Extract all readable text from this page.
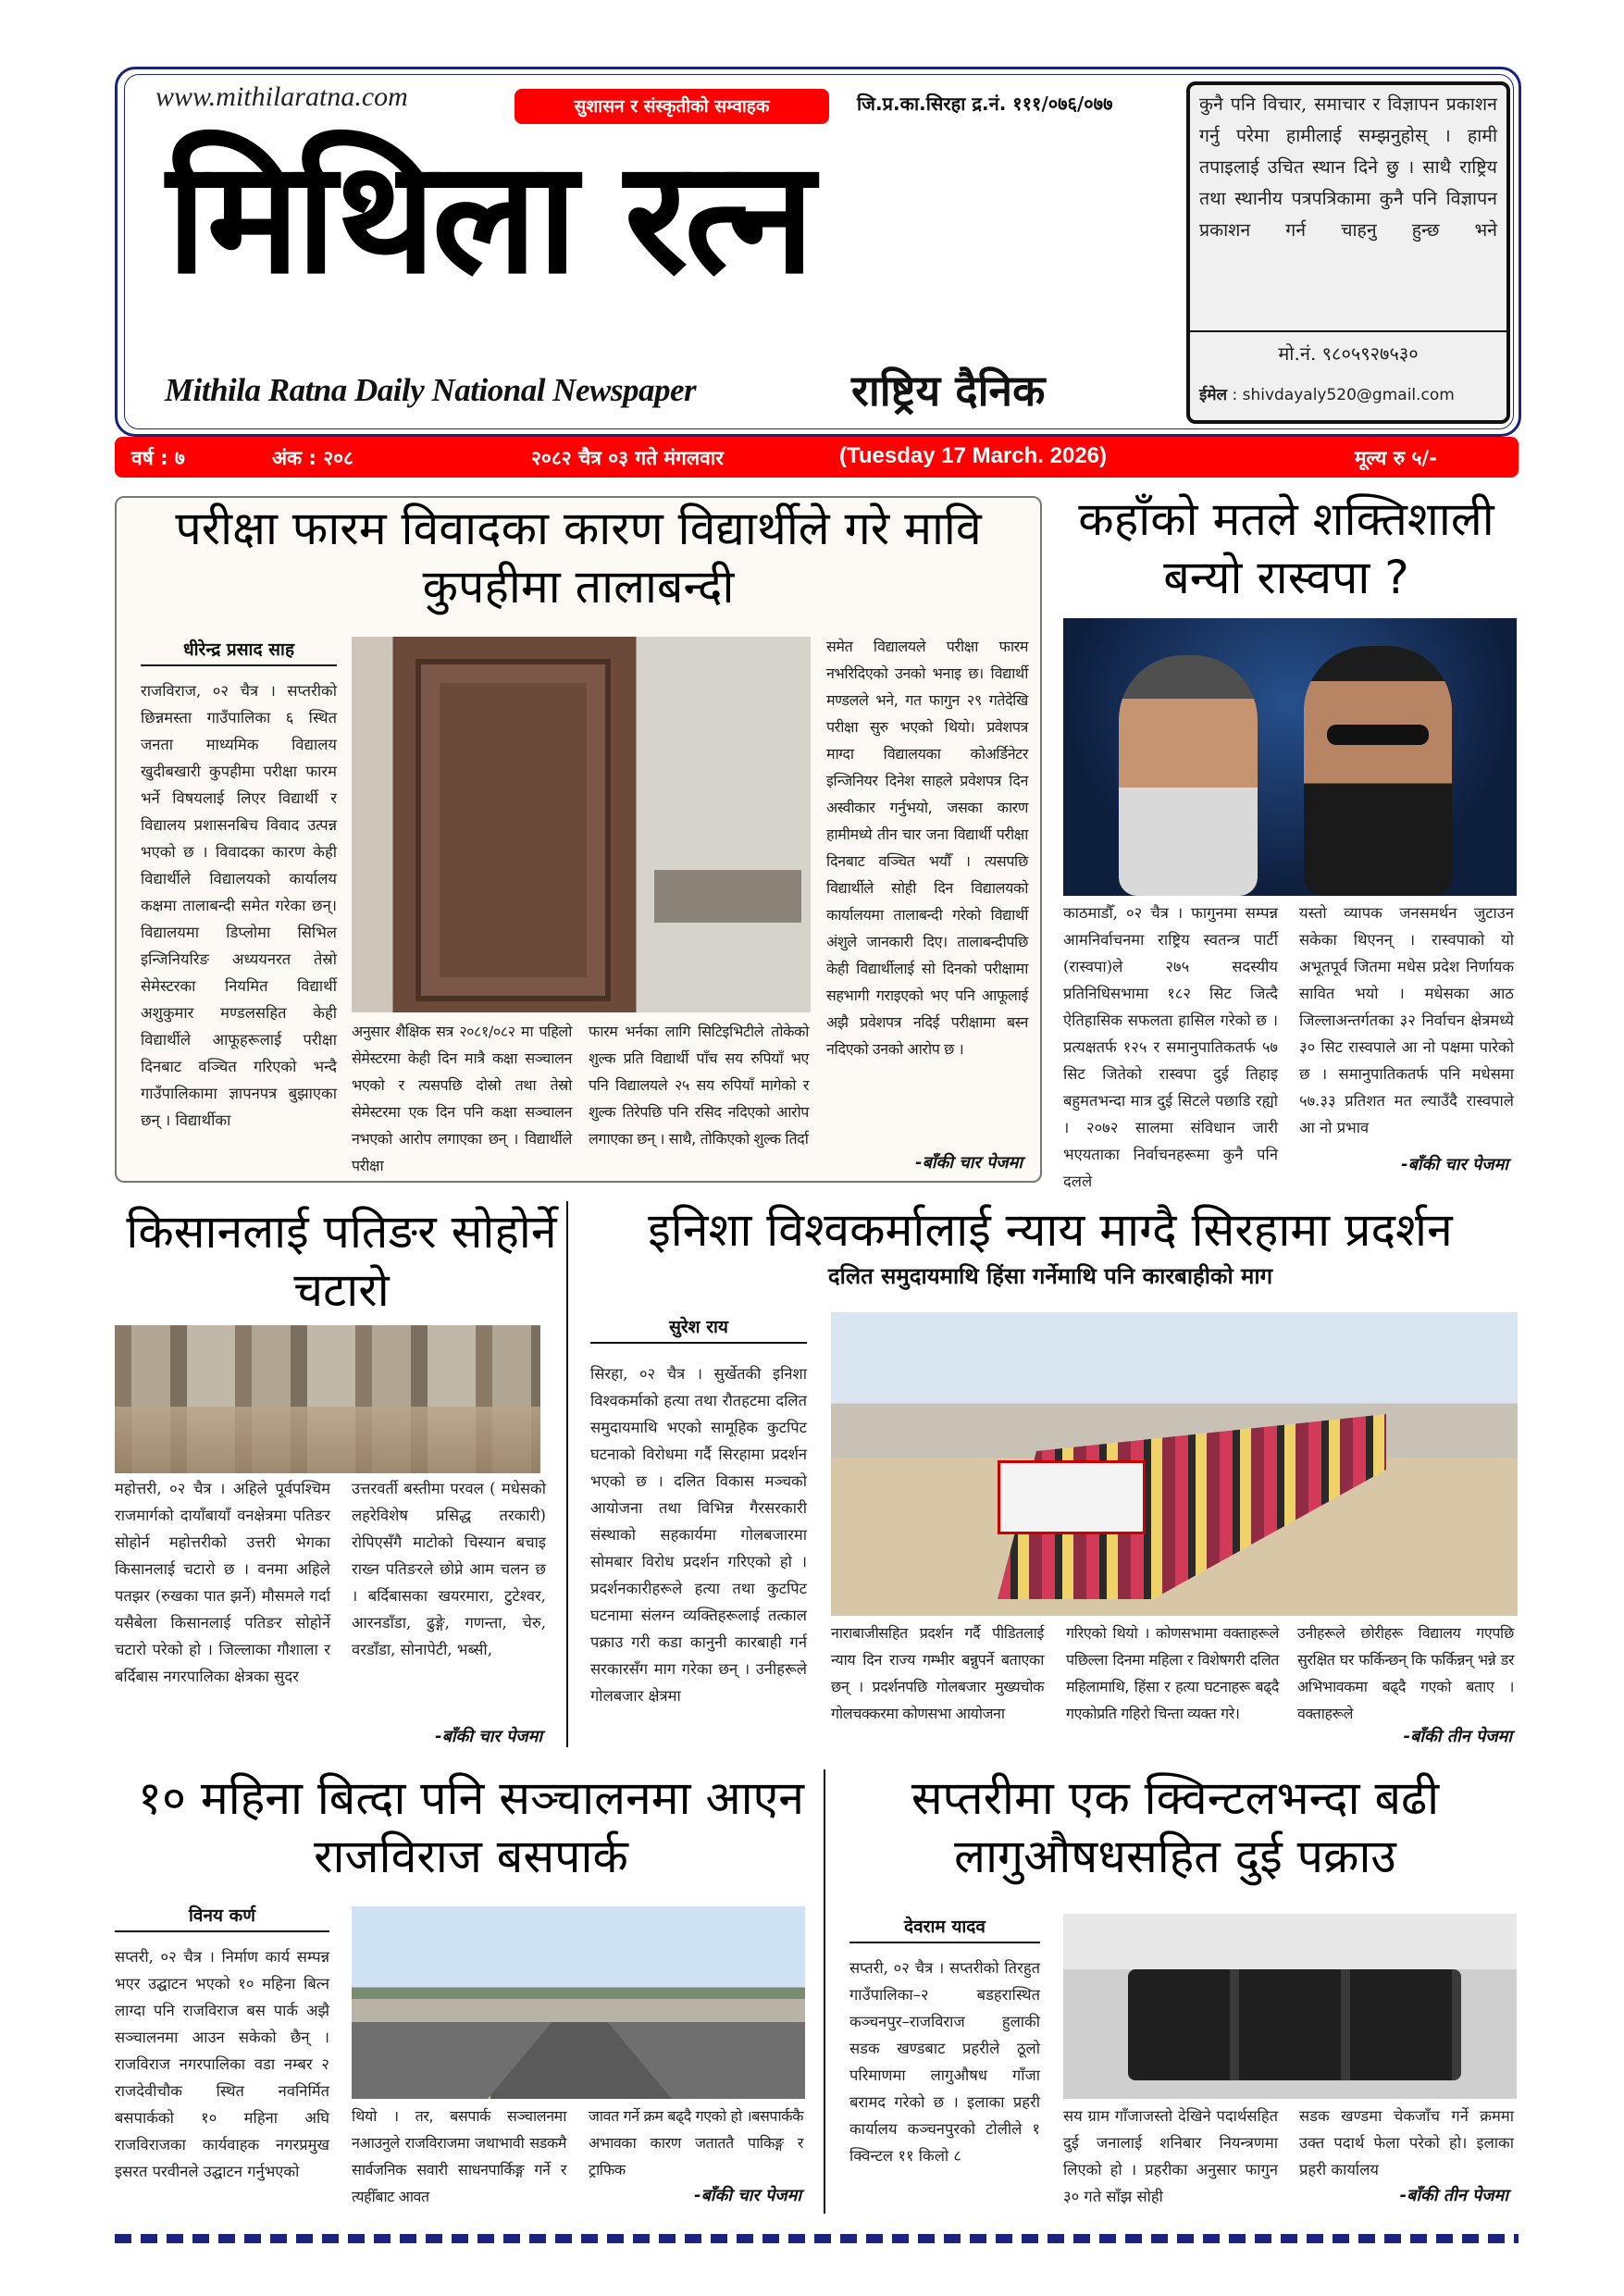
www.mithilaratna.com	सुशासन र संस्कृतीको सम्वाहक	जि.प्र.का.सिरहा द्र.नं. १११/०७६/०७७
मिथिला रत्न
Mithila Ratna Daily National Newspaper	राष्ट्रिय दैनिक
कुनै पनि विचार, समाचार र विज्ञापन प्रकाशन गर्नु परेमा हामीलाई सम्झनुहोस् । हामी तपाइलाई उचित स्थान दिने छु । साथै राष्ट्रिय तथा स्थानीय पत्रपत्रिकामा कुनै पनि विज्ञापन प्रकाशन गर्न चाहनु हुन्छ भने
मो.नं. ९८०५९२७५३०
ईमेल : shivdayaly520@gmail.com
वर्ष : ७	अंक : २०८	२०८२ चैत्र ०३ गते मंगलवार	(Tuesday 17 March. 2026)	मूल्य रु ५/-
परीक्षा फारम विवादका कारण विद्यार्थीले गरे मावि कुपहीमा तालाबन्दी
धीरेन्द्र प्रसाद साह
राजविराज, ०२ चैत्र । सप्तरीको छिन्नमस्ता गाउँपालिका ६ स्थित जनता माध्यमिक विद्यालय खुदीबखारी कुपहीमा परीक्षा फारम भर्ने विषयलाई लिएर विद्यार्थी र विद्यालय प्रशासनबिच विवाद उत्पन्न भएको छ । विवादका कारण केही विद्यार्थीले विद्यालयको कार्यालय कक्षमा तालाबन्दी समेत गरेका छन्। विद्यालयमा डिप्लोमा सिभिल इन्जिनियरिङ अध्ययनरत तेस्रो सेमेस्टरका नियमित विद्यार्थी अशुकुमार मण्डलसहित केही विद्यार्थीले आफूहरूलाई परीक्षा दिनबाट वञ्चित गरिएको भन्दै गाउँपालिकामा ज्ञापनपत्र बुझाएका छन् । विद्यार्थीका
अनुसार शैक्षिक सत्र २०८१/०८२ मा पहिलो सेमेस्टरमा केही दिन मात्रै कक्षा सञ्चालन भएको र त्यसपछि दोस्रो तथा तेस्रो सेमेस्टरमा एक दिन पनि कक्षा सञ्चालन नभएको आरोप लगाएका छन् । विद्यार्थीले परीक्षा
फारम भर्नका लागि सिटिइभिटीले तोकेको शुल्क प्रति विद्यार्थी पाँच सय रुपियाँ भए पनि विद्यालयले २५ सय रुपियाँ मागेको र शुल्क तिरेपछि पनि रसिद नदिएको आरोप लगाएका छन् । साथै, तोकिएको शुल्क तिर्दा
समेत विद्यालयले परीक्षा फारम नभरिदिएको उनको भनाइ छ। विद्यार्थी मण्डलले भने, गत फागुन २९ गतेदेखि परीक्षा सुरु भएको थियो। प्रवेशपत्र माग्दा विद्यालयका कोअर्डिनेटर इन्जिनियर दिनेश साहले प्रवेशपत्र दिन अस्वीकार गर्नुभयो, जसका कारण हामीमध्ये तीन चार जना विद्यार्थी परीक्षा दिनबाट वञ्चित भयौँ । त्यसपछि विद्यार्थीले सोही दिन विद्यालयको कार्यालयमा तालाबन्दी गरेको विद्यार्थी अंशुले जानकारी दिए। तालाबन्दीपछि केही विद्यार्थीलाई सो दिनको परीक्षामा सहभागी गराइएको भए पनि आफूलाई अझै प्रवेशपत्र नदिई परीक्षामा बस्न नदिएको उनको आरोप छ ।
-बाँकी चार पेजमा
कहाँको मतले शक्तिशाली बन्यो रास्वपा ?
काठमाडौँ, ०२ चैत्र । फागुनमा सम्पन्न आमनिर्वाचनमा राष्ट्रिय स्वतन्त्र पार्टी (रास्वपा)ले २७५ सदस्यीय प्रतिनिधिसभामा १८२ सिट जित्दै ऐतिहासिक सफलता हासिल गरेको छ । प्रत्यक्षतर्फ १२५ र समानुपातिकतर्फ ५७ सिट जितेको रास्वपा दुई तिहाइ बहुमतभन्दा मात्र दुई सिटले पछाडि रह्यो । २०७२ सालमा संविधान जारी भएयताका निर्वाचनहरूमा कुनै पनि दलले
यस्तो व्यापक जनसमर्थन जुटाउन सकेका थिएनन् । रास्वपाको यो अभूतपूर्व जितमा मधेस प्रदेश निर्णायक सावित भयो । मधेसका आठ जिल्लाअन्तर्गतका ३२ निर्वाचन क्षेत्रमध्ये ३० सिट रास्वपाले आ नो पक्षमा पारेको छ । समानुपातिकतर्फ पनि मधेसमा ५७.३३ प्रतिशत मत ल्याउँदै रास्वपाले आ नो प्रभाव
-बाँकी चार पेजमा
किसानलाई पतिङर सोहोर्ने चटारो
महोत्तरी, ०२ चैत्र । अहिले पूर्वपश्चिम राजमार्गको दायाँबायाँ वनक्षेत्रमा पतिङर सोहोर्न महोत्तरीको उत्तरी भेगका किसानलाई चटारो छ । वनमा अहिले पतझर (रुखका पात झर्ने) मौसमले गर्दा यसैबेला किसानलाई पतिङर सोहोर्ने चटारो परेको हो । जिल्लाका गौशाला र बर्दिबास नगरपालिका क्षेत्रका सुदर
उत्तरवर्ती बस्तीमा परवल ( मधेसको लहरेविशेष प्रसिद्ध तरकारी) रोपिएसँगै माटोको चिस्यान बचाइ राख्न पतिङरले छोप्ने आम चलन छ । बर्दिबासका खयरमारा, टुटेश्वर, आरनडाँडा, ढुङ्गे, गणन्ता, चेरु, वरडाँडा, सोनापेटी, भब्सी,
-बाँकी चार पेजमा
इनिशा विश्वकर्मालाई न्याय माग्दै सिरहामा प्रदर्शन
दलित समुदायमाथि हिंसा गर्नेमाथि पनि कारबाहीको माग
सुरेश राय
सिरहा, ०२ चैत्र । सुर्खेतकी इनिशा विश्वकर्माको हत्या तथा रौतहटमा दलित समुदायमाथि भएको सामूहिक कुटपिट घटनाको विरोधमा गर्दै सिरहामा प्रदर्शन भएको छ । दलित विकास मञ्चको आयोजना तथा विभिन्न गैरसरकारी संस्थाको सहकार्यमा गोलबजारमा सोमबार विरोध प्रदर्शन गरिएको हो । प्रदर्शनकारीहरूले हत्या तथा कुटपिट घटनामा संलग्न व्यक्तिहरूलाई तत्काल पक्राउ गरी कडा कानुनी कारबाही गर्न सरकारसँग माग गरेका छन् । उनीहरूले गोलबजार क्षेत्रमा
नाराबाजीसहित प्रदर्शन गर्दै पीडितलाई न्याय दिन राज्य गम्भीर बन्नुपर्ने बताएका छन् । प्रदर्शनपछि गोलबजार मुख्यचोक गोलचक्करमा कोणसभा आयोजना
गरिएको थियो । कोणसभामा वक्ताहरूले पछिल्ला दिनमा महिला र विशेषगरी दलित महिलामाथि, हिंसा र हत्या घटनाहरू बढ्दै गएकोप्रति गहिरो चिन्ता व्यक्त गरे।
उनीहरूले छोरीहरू विद्यालय गएपछि सुरक्षित घर फर्किन्छन् कि फर्किन्नन् भन्ने डर अभिभावकमा बढ्दै गएको बताए । वक्ताहरूले
-बाँकी तीन पेजमा
१० महिना बित्दा पनि सञ्चालनमा आएन राजविराज बसपार्क
विनय कर्ण
सप्तरी, ०२ चैत्र । निर्माण कार्य सम्पन्न भएर उद्घाटन भएको १० महिना बित्न लाग्दा पनि राजविराज बस पार्क अझै सञ्चालनमा आउन सकेको छैन् । राजविराज नगरपालिका वडा नम्बर २ राजदेवीचौक स्थित नवनिर्मित बसपार्कको १० महिना अघि राजविराजका कार्यवाहक नगरप्रमुख इसरत परवीनले उद्घाटन गर्नुभएको
थियो । तर, बसपार्क सञ्चालनमा नआउनुले राजविराजमा जथाभावी सडकमै सार्वजनिक सवारी साधनपार्किङ्ग गर्ने र त्यहीँबाट आवत
जावत गर्ने क्रम बढ्दै गएको हो ।बसपार्ककै अभावका कारण जताततै पाकिङ्ग र ट्राफिक
-बाँकी चार पेजमा
सप्तरीमा एक क्विन्टलभन्दा बढी लागुऔषधसहित दुई पक्राउ
देवराम यादव
सप्तरी, ०२ चैत्र । सप्तरीको तिरहुत गाउँपालिका–२ बडहरास्थित कञ्चनपुर–राजविराज हुलाकी सडक खण्डबाट प्रहरीले ठूलो परिमाणमा लागुऔषध गाँजा बरामद गरेको छ । इलाका प्रहरी कार्यालय कञ्चनपुरको टोलीले १ क्विन्टल ११ किलो ८
सय ग्राम गाँजाजस्तो देखिने पदार्थसहित दुई जनालाई शनिबार नियन्त्रणमा लिएको हो । प्रहरीका अनुसार फागुन ३० गते साँझ सोही
सडक खण्डमा चेकजाँच गर्ने क्रममा उक्त पदार्थ फेला परेको हो। इलाका प्रहरी कार्यालय
-बाँकी तीन पेजमा
